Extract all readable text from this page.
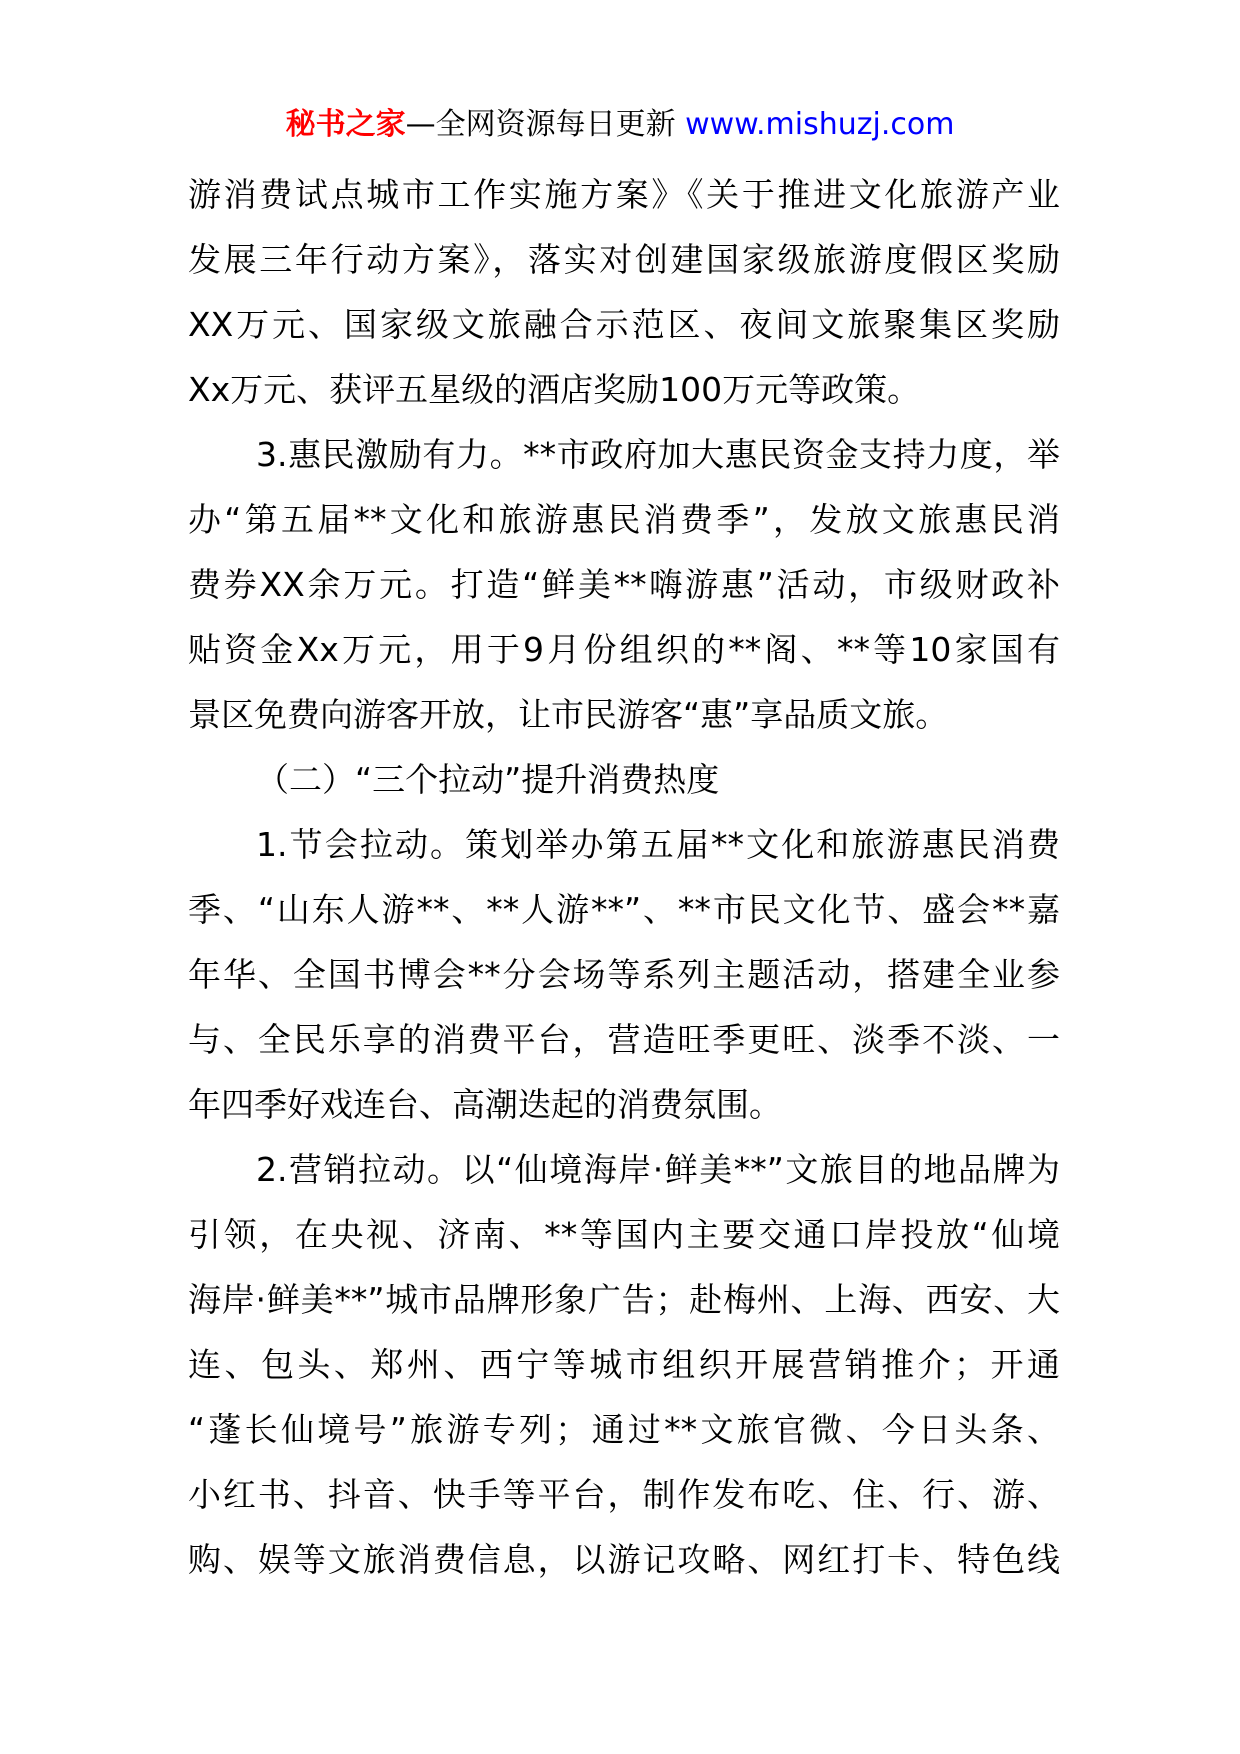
秘书之家—全网资源每日更新 www.mishuzj.com
游消费试点城市工作实施方案》《关于推进文化旅游产业
发展三年行动方案》，落实对创建国家级旅游度假区奖励
XX万元、国家级文旅融合示范区、夜间文旅聚集区奖励
Xx万元、获评五星级的酒店奖励100万元等政策。
3.惠民激励有力。**市政府加大惠民资金支持力度，举
办“第五届**文化和旅游惠民消费季”，发放文旅惠民消
费券XX余万元。打造“鲜美**嗨游惠”活动，市级财政补
贴资金Xx万元，用于9月份组织的**阁、**等10家国有
景区免费向游客开放，让市民游客“惠”享品质文旅。
（二）“三个拉动”提升消费热度
1.节会拉动。策划举办第五届**文化和旅游惠民消费
季、“山东人游**、**人游**”、**市民文化节、盛会**嘉
年华、全国书博会**分会场等系列主题活动，搭建全业参
与、全民乐享的消费平台，营造旺季更旺、淡季不淡、一
年四季好戏连台、高潮迭起的消费氛围。
2.营销拉动。以“仙境海岸·鲜美**”文旅目的地品牌为
引领，在央视、济南、**等国内主要交通口岸投放“仙境
海岸·鲜美**”城市品牌形象广告；赴梅州、上海、西安、大
连、包头、郑州、西宁等城市组织开展营销推介；开通
“蓬长仙境号”旅游专列；通过**文旅官微、今日头条、
小红书、抖音、快手等平台，制作发布吃、住、行、游、
购、娱等文旅消费信息，以游记攻略、网红打卡、特色线
